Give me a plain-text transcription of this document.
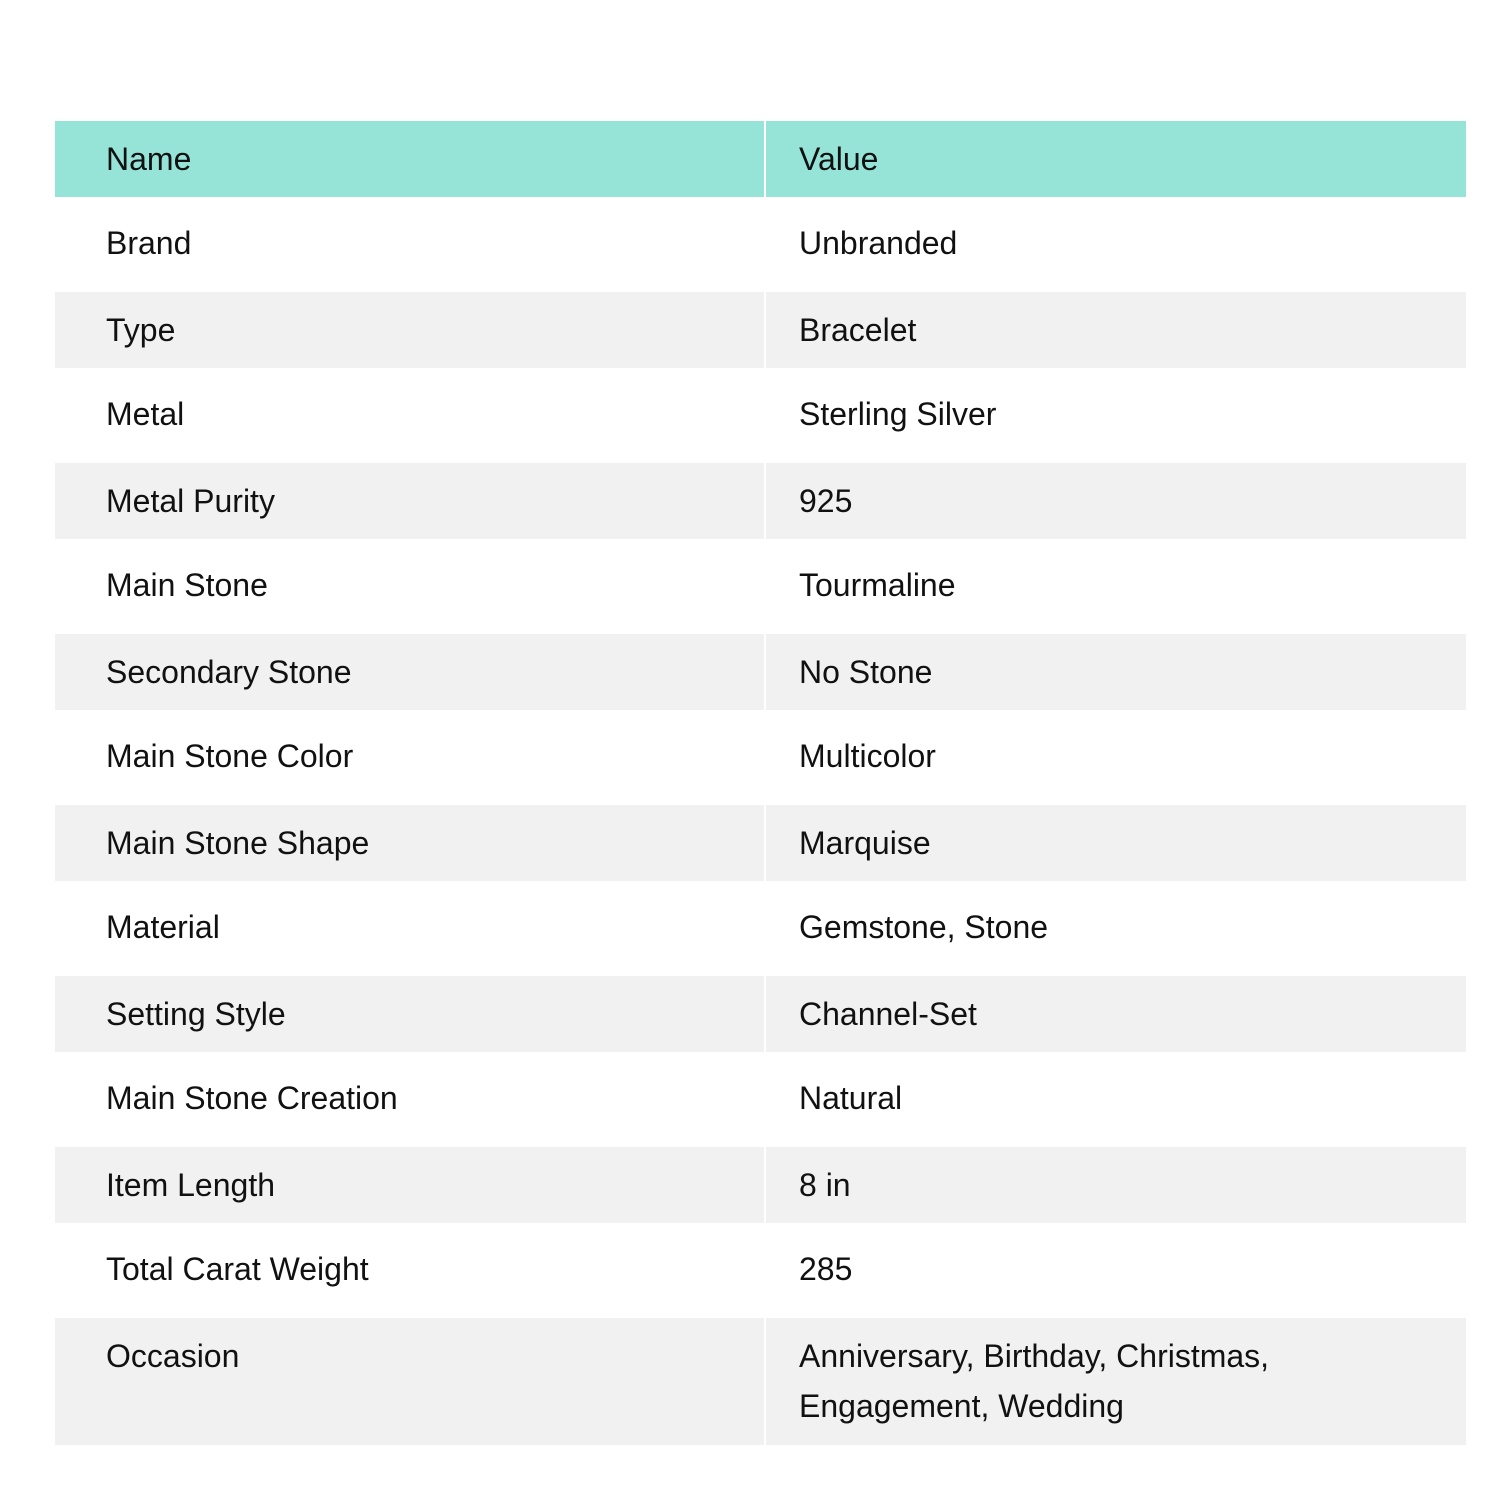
Name	Value
Brand	Unbranded
Type	Bracelet
Metal	Sterling Silver
Metal Purity	925
Main Stone	Tourmaline
Secondary Stone	No Stone
Main Stone Color	Multicolor
Main Stone Shape	Marquise
Material	Gemstone, Stone
Setting Style	Channel-Set
Main Stone Creation	Natural
Item Length	8 in
Total Carat Weight	285
Occasion	Anniversary, Birthday, Christmas, Engagement, Wedding
